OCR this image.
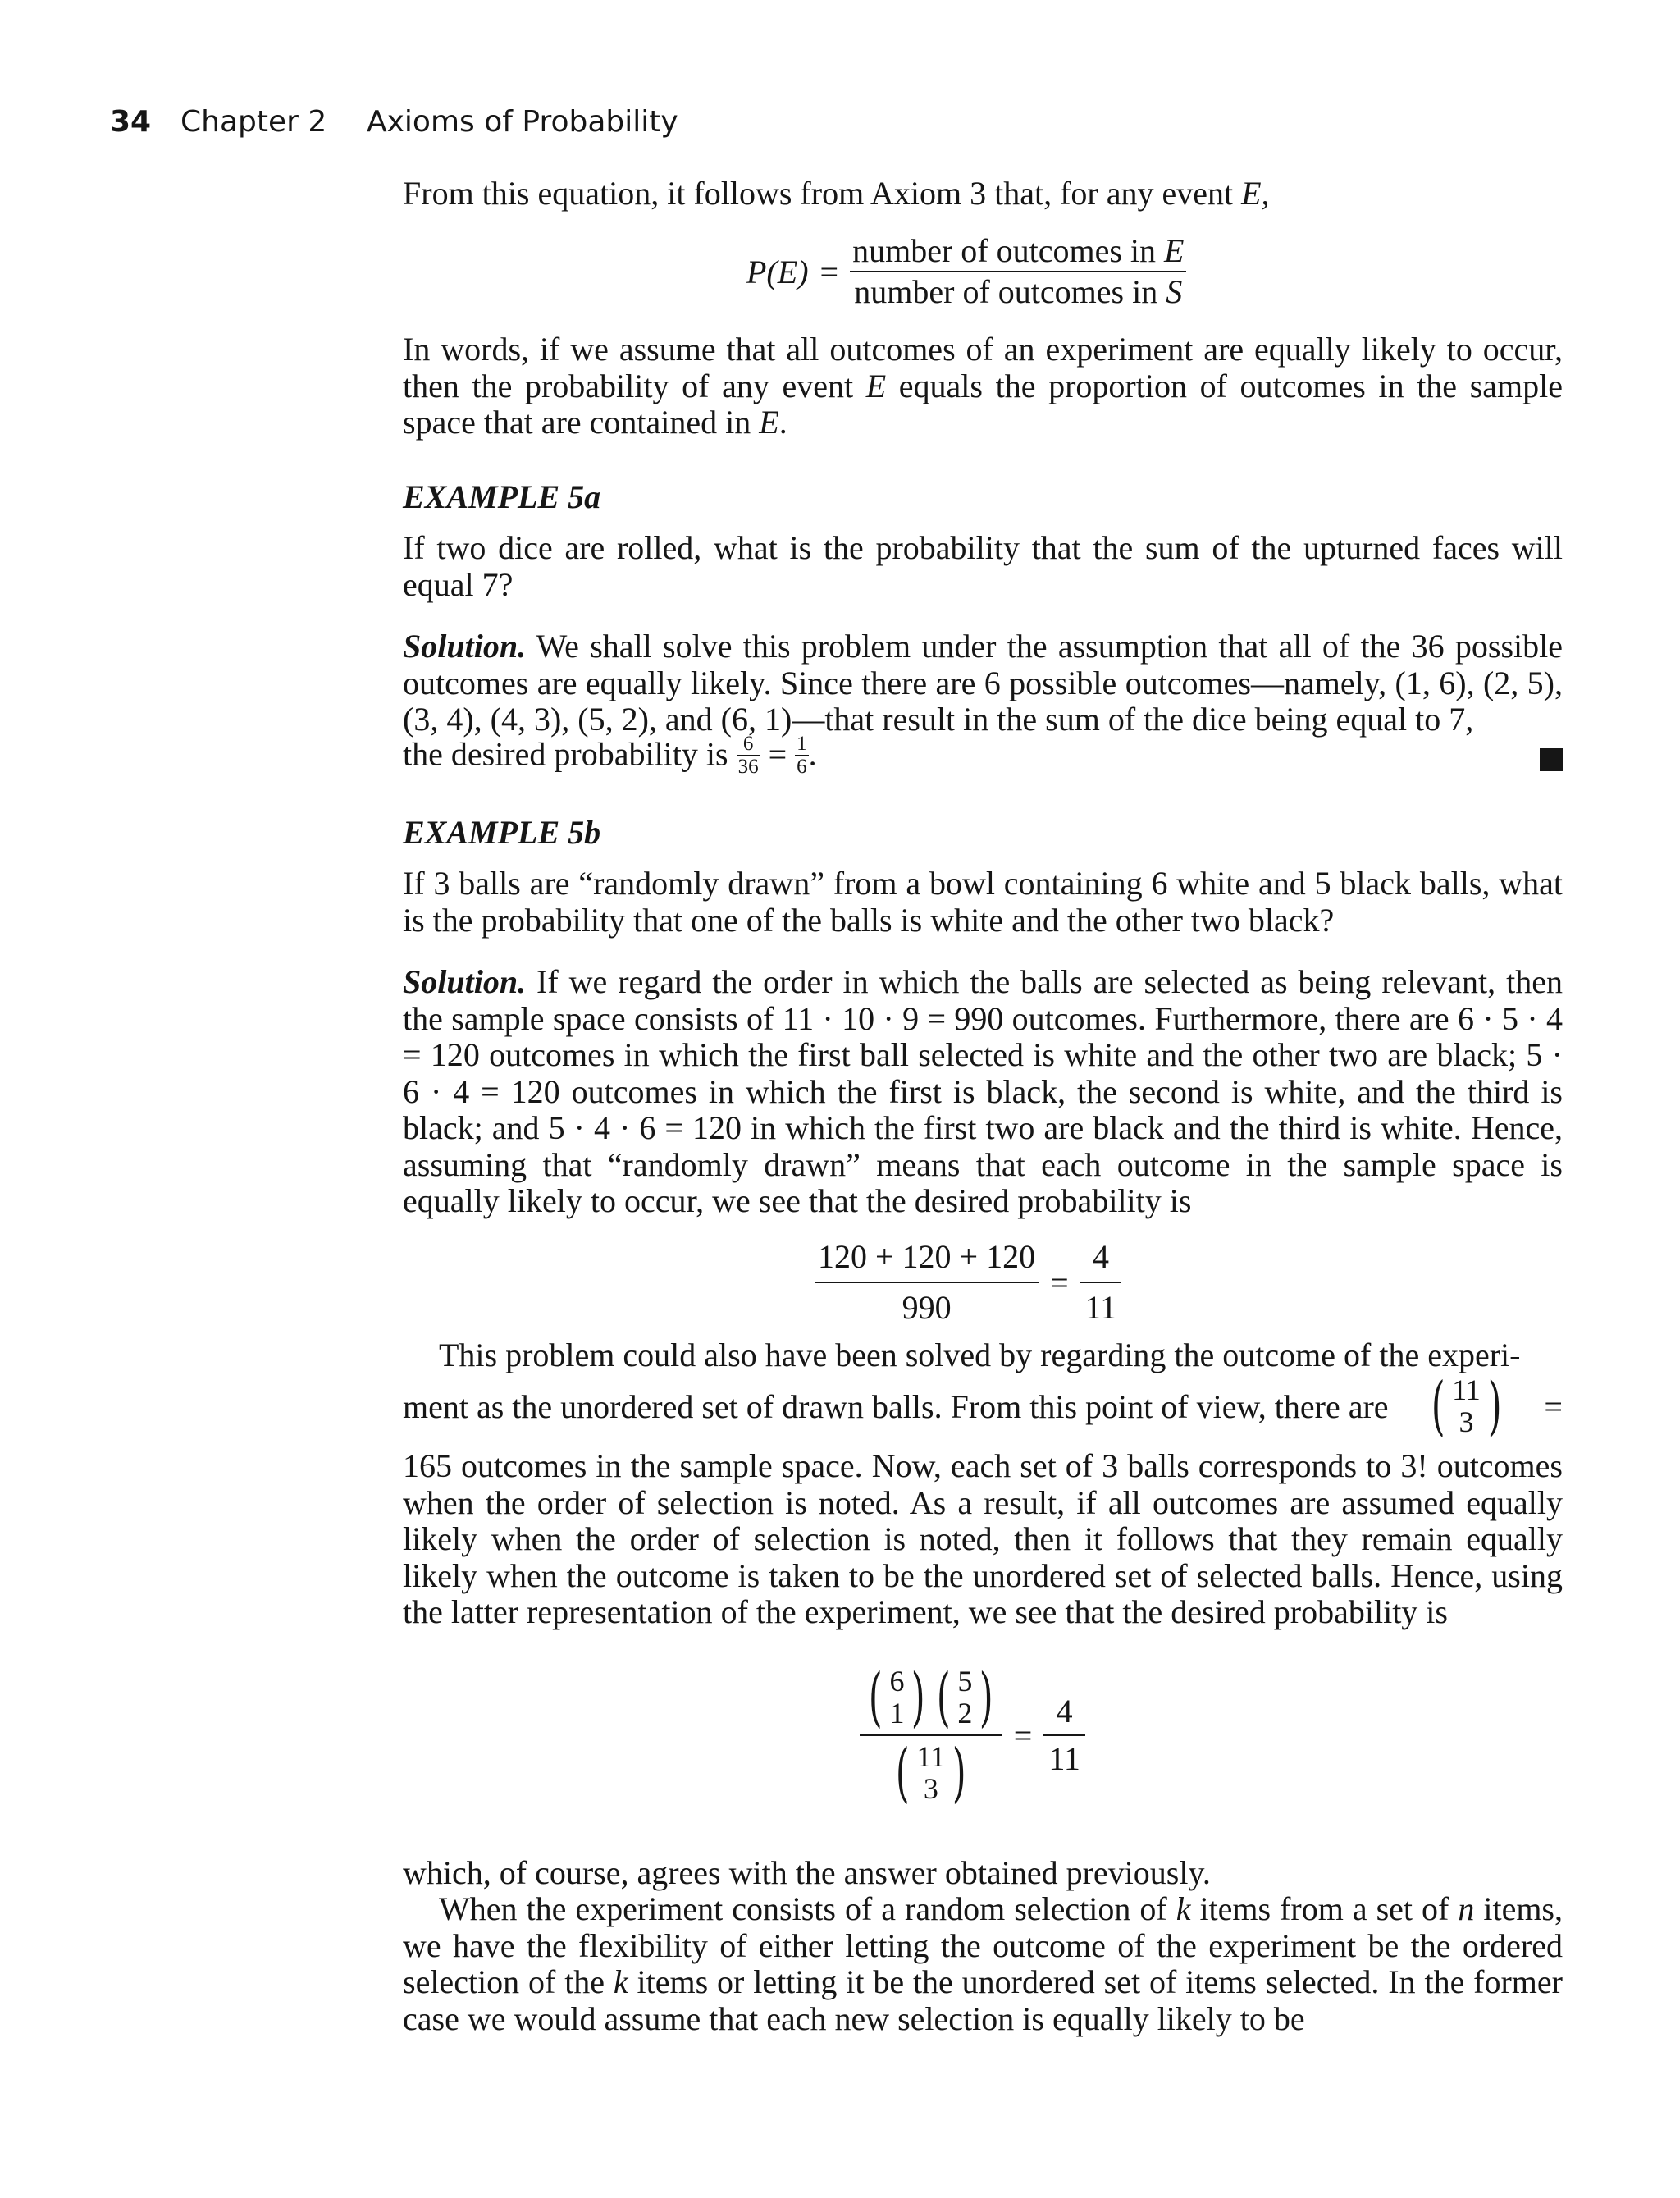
34 Chapter 2 Axioms of Probability

From this equation, it follows from Axiom 3 that, for any event E,

$P(E) = \frac{\text{number of outcomes in E}}{\text{number of outcomes in S}}$

In words, if we assume that all outcomes of an experiment are equally likely to occur, then the probability of any event E equals the proportion of outcomes in the sample space that are contained in E.

EXAMPLE 5a

If two dice are rolled, what is the probability that the sum of the upturned faces will equal 7?

Solution. We shall solve this problem under the assumption that all of the 36 possible outcomes are equally likely. Since there are 6 possible outcomes—namely, (1, 6), (2, 5), (3, 4), (4, 3), (5, 2), and (6, 1)—that result in the sum of the dice being equal to 7,

the desired probability is $\frac{6}{36} = \frac{1}{6}$ .

EXAMPLE 5b

If 3 balls are “randomly drawn” from a bowl containing 6 white and 5 black balls, what is the probability that one of the balls is white and the other two black?

Solution. If we regard the order in which the balls are selected as being relevant, then the sample space consists of 11 · 10 · 9 = 990 outcomes. Furthermore, there are 6 · 5 · 4 = 120 outcomes in which the first ball selected is white and the other two are black; 5 · 6 · 4 = 120 outcomes in which the first is black, the second is white, and the third is black; and 5 · 4 · 6 = 120 in which the first two are black and the third is white. Hence, assuming that “randomly drawn” means that each outcome in the sample space is equally likely to occur, we see that the desired probability is

$\frac{120 + 120 + 120}{990} = \frac{4}{11}$

This problem could also have been solved by regarding the outcome of the experi-

ment as the unordered set of drawn balls. From this point of view, there are ( 11
3 ) =

165 outcomes in the sample space. Now, each set of 3 balls corresponds to 3! outcomes when the order of selection is noted. As a result, if all outcomes are assumed equally likely when the order of selection is noted, then it follows that they remain equally likely when the outcome is taken to be the unordered set of selected balls. Hence, using the latter representation of the experiment, we see that the desired probability is

( 6
1 ) ( 5
2 )
( 11
3 ) = $\frac{4}{11}$

which, of course, agrees with the answer obtained previously.

When the experiment consists of a random selection of k items from a set of n items, we have the flexibility of either letting the outcome of the experiment be the ordered selection of the k items or letting it be the unordered set of items selected. In the former case we would assume that each new selection is equally likely to be
